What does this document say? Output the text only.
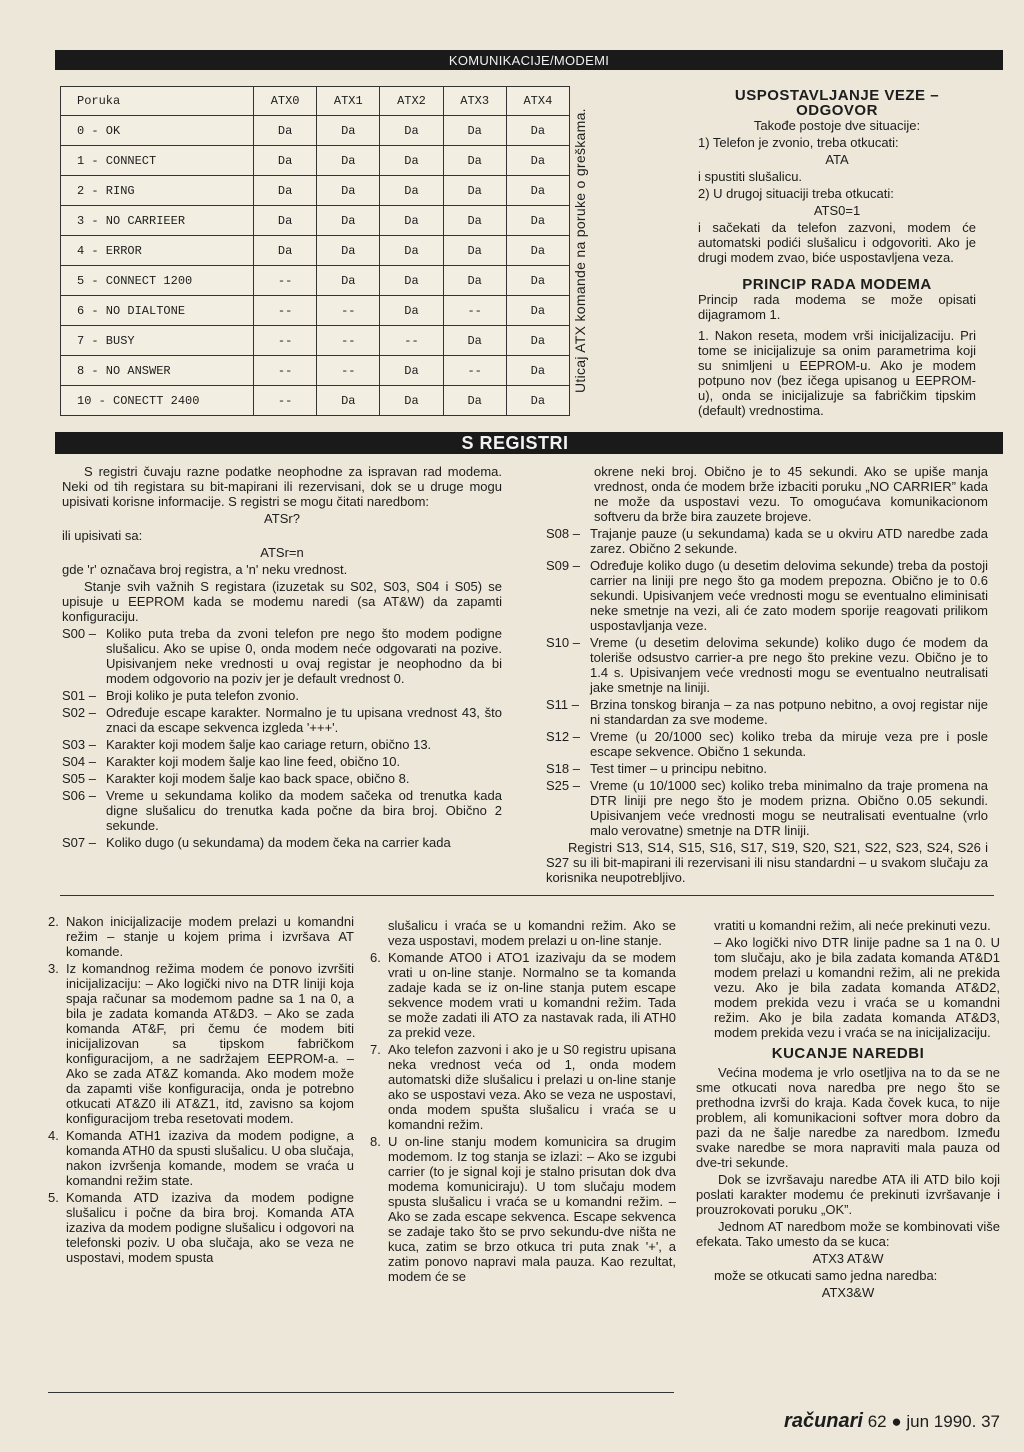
KOMUNIKACIJE/MODEMI
Poruka	ATX0	ATX1	ATX2	ATX3	ATX4
0 - OK	Da	Da	Da	Da	Da
1 - CONNECT	Da	Da	Da	Da	Da
2 - RING	Da	Da	Da	Da	Da
3 - NO CARRIEER	Da	Da	Da	Da	Da
4 - ERROR	Da	Da	Da	Da	Da
5 - CONNECT 1200	--	Da	Da	Da	Da
6 - NO DIALTONE	--	--	Da	--	Da
7 - BUSY	--	--	--	Da	Da
8 - NO ANSWER	--	--	Da	--	Da
10 - CONECTT 2400	--	Da	Da	Da	Da
Uticaj ATX komande na poruke o greškama.
USPOSTAVLJANJE VEZE – ODGOVOR

Takođe postoje dve situacije:

1) Telefon je zvonio, treba otkucati:

ATA

i spustiti slušalicu.

2) U drugoj situaciji treba otkucati:

ATS0=1

i sačekati da telefon zazvoni, modem će automatski podići slušalicu i odgovoriti. Ako je drugi modem zvao, biće uspostavljena veza.

PRINCIP RADA MODEMA

Princip rada modema se može opisati dijagramom 1.

1. Nakon reseta, modem vrši inicijalizaciju. Pri tome se inicijalizuje sa onim parametrima koji su snimljeni u EEPROM-u. Ako je modem potpuno nov (bez ičega upisanog u EEPROM-u), onda se inicijalizuje sa fabričkim tipskim (default) vrednostima.

S REGISTRI

S registri čuvaju razne podatke neophodne za ispravan rad modema. Neki od tih registara su bit-mapirani ili rezervisani, dok se u druge mogu upisivati korisne informacije. S registri se mogu čitati naredbom:

ATSr?

ili upisivati sa:

ATSr=n

gde 'r' označava broj registra, a 'n' neku vrednost.

Stanje svih važnih S registara (izuzetak su S02, S03, S04 i S05) se upisuje u EEPROM kada se modemu naredi (sa AT&W) da zapamti konfiguraciju.

S00 – Koliko puta treba da zvoni telefon pre nego što modem podigne slušalicu. Ako se upise 0, onda modem neće odgovarati na pozive. Upisivanjem neke vrednosti u ovaj registar je neophodno da bi modem odgovorio na poziv jer je default vrednost 0.
S01 – Broji koliko je puta telefon zvonio.
S02 – Određuje escape karakter. Normalno je tu upisana vrednost 43, što znaci da escape sekvenca izgleda '+++'.
S03 – Karakter koji modem šalje kao cariage return, obično 13.
S04 – Karakter koji modem šalje kao line feed, obično 10.
S05 – Karakter koji modem šalje kao back space, obično 8.
S06 – Vreme u sekundama koliko da modem sačeka od trenutka kada digne slušalicu do trenutka kada počne da bira broj. Obično 2 sekunde.
S07 – Koliko dugo (u sekundama) da modem čeka na carrier kada

okrene neki broj. Obično je to 45 sekundi. Ako se upiše manja vrednost, onda će modem brže izbaciti poruku „NO CARRIER” kada ne može da uspostavi vezu. To omogućava komunikacionom softveru da brže bira zauzete brojeve.

S08 – Trajanje pauze (u sekundama) kada se u okviru ATD naredbe zada zarez. Obično 2 sekunde.
S09 – Određuje koliko dugo (u desetim delovima sekunde) treba da postoji carrier na liniji pre nego što ga modem prepozna. Obično je to 0.6 sekundi. Upisivanjem veće vrednosti mogu se eventualno eliminisati neke smetnje na vezi, ali će zato modem sporije reagovati prilikom uspostavljanja veze.
S10 – Vreme (u desetim delovima sekunde) koliko dugo će modem da toleriše odsustvo carrier-a pre nego što prekine vezu. Obično je to 1.4 s. Upisivanjem veće vrednosti mogu se eventualno neutralisati jake smetnje na liniji.
S11 – Brzina tonskog biranja – za nas potpuno nebitno, a ovoj registar nije ni standardan za sve modeme.
S12 – Vreme (u 20/1000 sec) koliko treba da miruje veza pre i posle escape sekvence. Obično 1 sekunda.
S18 – Test timer – u principu nebitno.
S25 – Vreme (u 10/1000 sec) koliko treba minimalno da traje promena na DTR liniji pre nego što je modem prizna. Obično 0.05 sekundi. Upisivanjem veće vrednosti mogu se neutralisati eventualne (vrlo malo verovatne) smetnje na DTR liniji.

Registri S13, S14, S15, S16, S17, S19, S20, S21, S22, S23, S24, S26 i S27 su ili bit-mapirani ili rezervisani ili nisu standardni – u svakom slučaju za korisnika neupotrebljivo.

2. Nakon inicijalizacije modem prelazi u komandni režim – stanje u kojem prima i izvršava AT komande.
3. Iz komandnog režima modem će ponovo izvršiti inicijalizaciju: – Ako logički nivo na DTR liniji koja spaja računar sa modemom padne sa 1 na 0, a bila je zadata komanda AT&D3. – Ako se zada komanda AT&F, pri čemu će modem biti inicijalizovan sa tipskom fabričkom konfiguracijom, a ne sadržajem EEPROM-a. – Ako se zada AT&Z komanda. Ako modem može da zapamti više konfiguracija, onda je potrebno otkucati AT&Z0 ili AT&Z1, itd, zavisno sa kojom konfiguracijom treba resetovati modem.
4. Komanda ATH1 izaziva da modem podigne, a komanda ATH0 da spusti slušalicu. U oba slučaja, nakon izvršenja komande, modem se vraća u komandni režim state.
5. Komanda ATD izaziva da modem podigne slušalicu i počne da bira broj. Komanda ATA izaziva da modem podigne slušalicu i odgovori na telefonski poziv. U oba slučaja, ako se veza ne uspostavi, modem spusta

slušalicu i vraća se u komandni režim. Ako se veza uspostavi, modem prelazi u on-line stanje.

6. Komande ATO0 i ATO1 izazivaju da se modem vrati u on-line stanje. Normalno se ta komanda zadaje kada se iz on-line stanja putem escape sekvence modem vrati u komandni režim. Tada se može zadati ili ATO za nastavak rada, ili ATH0 za prekid veze.
7. Ako telefon zazvoni i ako je u S0 registru upisana neka vrednost veća od 1, onda modem automatski diže slušalicu i prelazi u on-line stanje ako se uspostavi veza. Ako se veza ne uspostavi, onda modem spušta slušalicu i vraća se u komandni režim.
8. U on-line stanju modem komunicira sa drugim modemom. Iz tog stanja se izlazi: – Ako se izgubi carrier (to je signal koji je stalno prisutan dok dva modema komuniciraju). U tom slučaju modem spusta slušalicu i vraća se u komandni režim. – Ako se zada escape sekvenca. Escape sekvenca se zadaje tako što se prvo sekundu-dve ništa ne kuca, zatim se brzo otkuca tri puta znak '+', a zatim ponovo napravi mala pauza. Kao rezultat, modem će se

vratiti u komandni režim, ali neće prekinuti vezu.

– Ako logički nivo DTR linije padne sa 1 na 0. U tom slučaju, ako je bila zadata komanda AT&D1 modem prelazi u komandni režim, ali ne prekida vezu. Ako je bila zadata komanda AT&D2, modem prekida vezu i vraća se u komandni režim. Ako je bila zadata komanda AT&D3, modem prekida vezu i vraća se na inicijalizaciju.

KUCANJE NAREDBI

Većina modema je vrlo osetljiva na to da se ne sme otkucati nova naredba pre nego što se prethodna izvrši do kraja. Kada čovek kuca, to nije problem, ali komunikacioni softver mora dobro da pazi da ne šalje naredbe za naredbom. Između svake naredbe se mora napraviti mala pauza od dve-tri sekunde.

Dok se izvršavaju naredbe ATA ili ATD bilo koji poslati karakter modemu će prekinuti izvršavanje i prouzrokovati poruku „OK”.

Jednom AT naredbom može se kombinovati više efekata. Tako umesto da se kuca:

ATX3 AT&W

može se otkucati samo jedna naredba:

ATX3&W

računari 62 ● jun 1990. 37
